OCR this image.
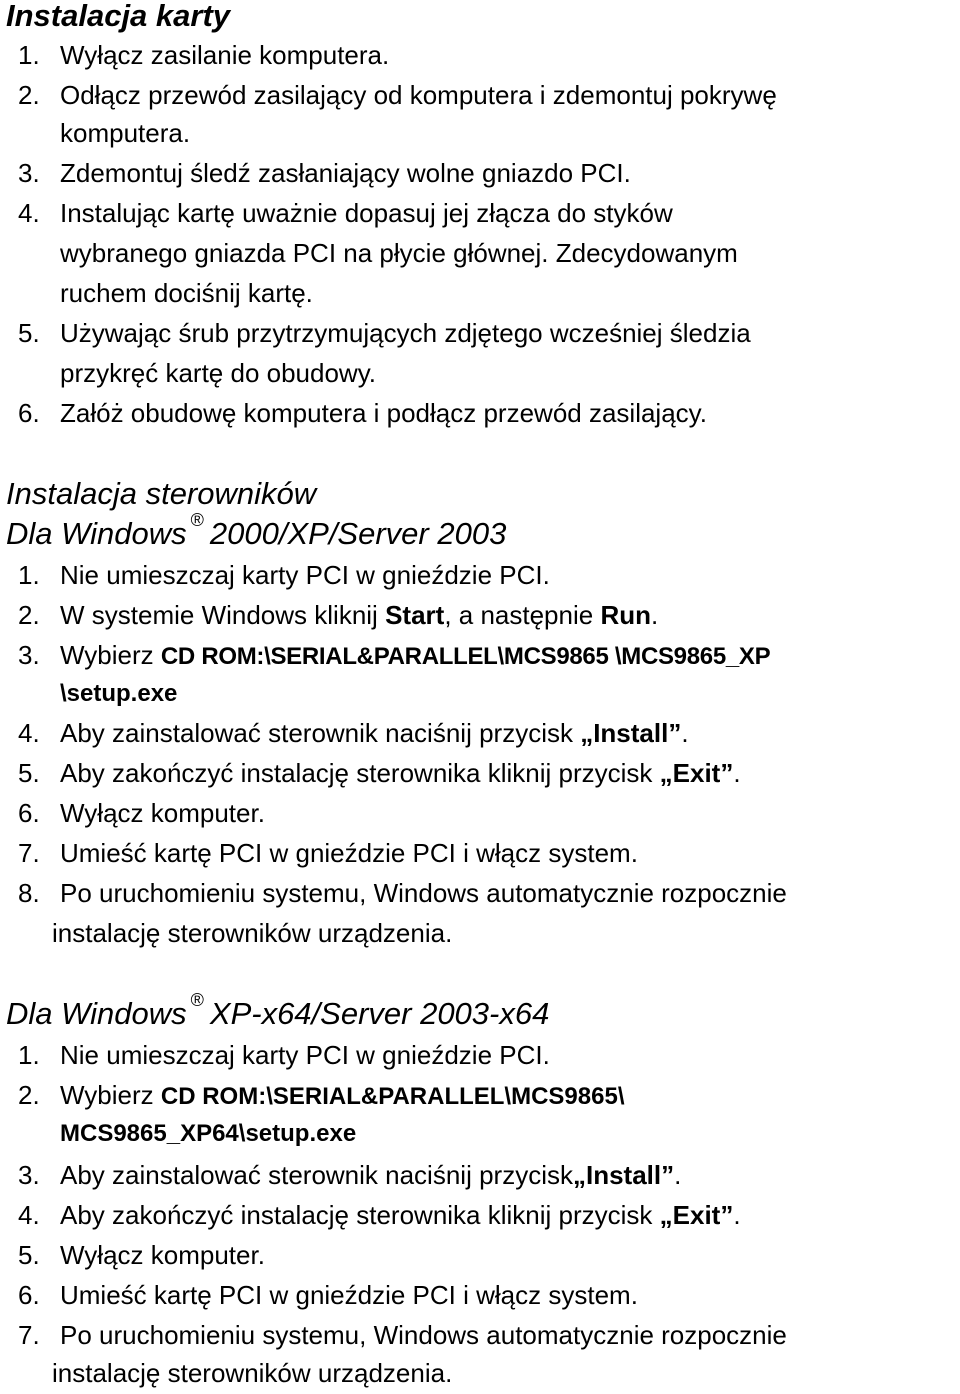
Instalacja karty
1. Wyłącz zasilanie komputera.
2. Odłącz przewód zasilający od komputera i zdemontuj pokrywę
komputera.
3. Zdemontuj śledź zasłaniający wolne gniazdo PCI.
4. Instalując kartę uważnie dopasuj jej złącza do styków
wybranego gniazda PCI na płycie głównej. Zdecydowanym
ruchem dociśnij kartę.
5. Używając śrub przytrzymujących zdjętego wcześniej śledzia
przykręć kartę do obudowy.
6. Załóż obudowę komputera i podłącz przewód zasilający.
Instalacja sterowników
Dla Windows ® 2000/XP/Server 2003
1. Nie umieszczaj karty PCI w gnieździe PCI.
2. W systemie Windows kliknij Start, a następnie Run.
3. Wybierz CD ROM:\SERIAL&PARALLEL\MCS9865 \MCS9865_XP
\setup.exe
4. Aby zainstalować sterownik naciśnij przycisk „Install”.
5. Aby zakończyć instalację sterownika kliknij przycisk „Exit”.
6. Wyłącz komputer.
7. Umieść kartę PCI w gnieździe PCI i włącz system.
8. Po uruchomieniu systemu, Windows automatycznie rozpocznie
instalację sterowników urządzenia.
Dla Windows ® XP-x64/Server 2003-x64
1. Nie umieszczaj karty PCI w gnieździe PCI.
2. Wybierz CD ROM:\SERIAL&PARALLEL\MCS9865\
MCS9865_XP64\setup.exe
3. Aby zainstalować sterownik naciśnij przycisk„Install”.
4. Aby zakończyć instalację sterownika kliknij przycisk „Exit”.
5. Wyłącz komputer.
6. Umieść kartę PCI w gnieździe PCI i włącz system.
7. Po uruchomieniu systemu, Windows automatycznie rozpocznie
instalację sterowników urządzenia.
